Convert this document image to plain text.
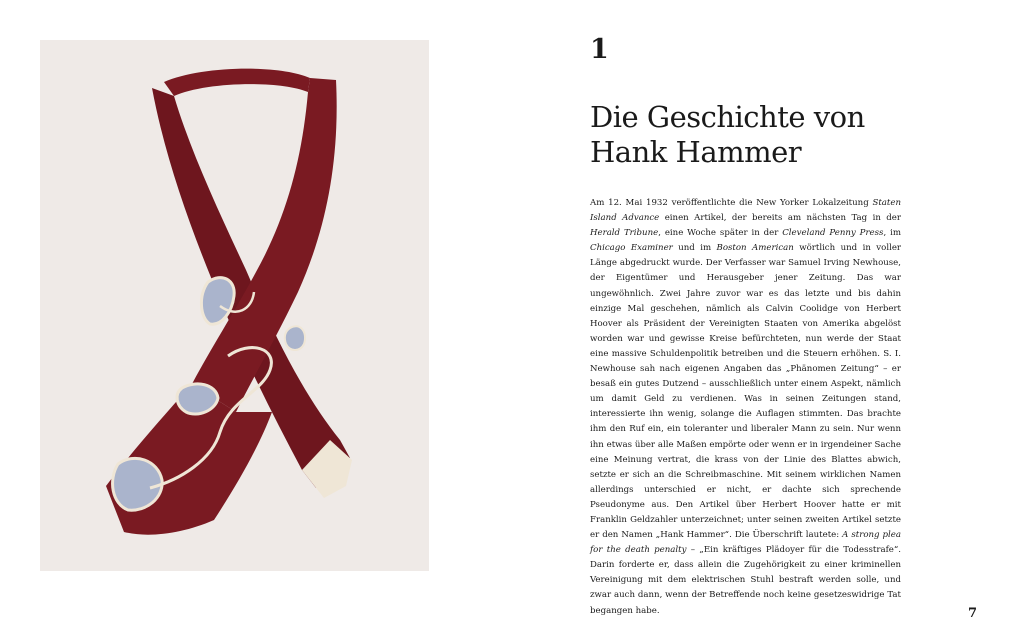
1
Die Geschichte von Hank Hammer

Am 12. Mai 1932 veröffentlichte die New Yorker Lokalzeitung Staten Island Advance einen Artikel, der bereits am nächsten Tag in der Herald Tribune, eine Woche später in der Cleveland Penny Press, im Chicago Examiner und im Boston American wörtlich und in voller Länge abgedruckt wurde. Der Verfasser war Samuel Irving Newhouse, der Eigentümer und Herausgeber jener Zeitung. Das war ungewöhnlich. Zwei Jahre zuvor war es das letzte und bis dahin einzige Mal geschehen, nämlich als Calvin Coolidge von Herbert Hoover als Präsident der Vereinigten Staaten von Amerika abgelöst worden war und gewisse Kreise befürchteten, nun werde der Staat eine massive Schuldenpolitik betreiben und die Steuern erhöhen. S. I. Newhouse sah nach eigenen Angaben das „Phänomen Zeitung“ – er besaß ein gutes Dutzend – ausschließlich unter einem Aspekt, nämlich um damit Geld zu verdienen. Was in seinen Zeitungen stand, interessierte ihn wenig, solange die Auflagen stimmten. Das brachte ihm den Ruf ein, ein toleranter und liberaler Mann zu sein. Nur wenn ihn etwas über alle Maßen empörte oder wenn er in irgendeiner Sache eine Meinung vertrat, die krass von der Linie des Blattes abwich, setzte er sich an die Schreibmaschine. Mit seinem wirklichen Namen allerdings unterschied er nicht, er dachte sich sprechende Pseudonyme aus. Den Artikel über Herbert Hoover hatte er mit Franklin Geldzahler unterzeichnet; unter seinen zweiten Artikel setzte er den Namen „Hank Hammer“. Die Überschrift lautete: A strong plea for the death penalty – „Ein kräftiges Plädoyer für die Todesstrafe“. Darin forderte er, dass allein die Zugehörigkeit zu einer kriminellen Vereinigung mit dem elektrischen Stuhl bestraft werden solle, und zwar auch dann, wenn der Betreffende noch keine gesetzeswidrige Tat begangen habe.	7
